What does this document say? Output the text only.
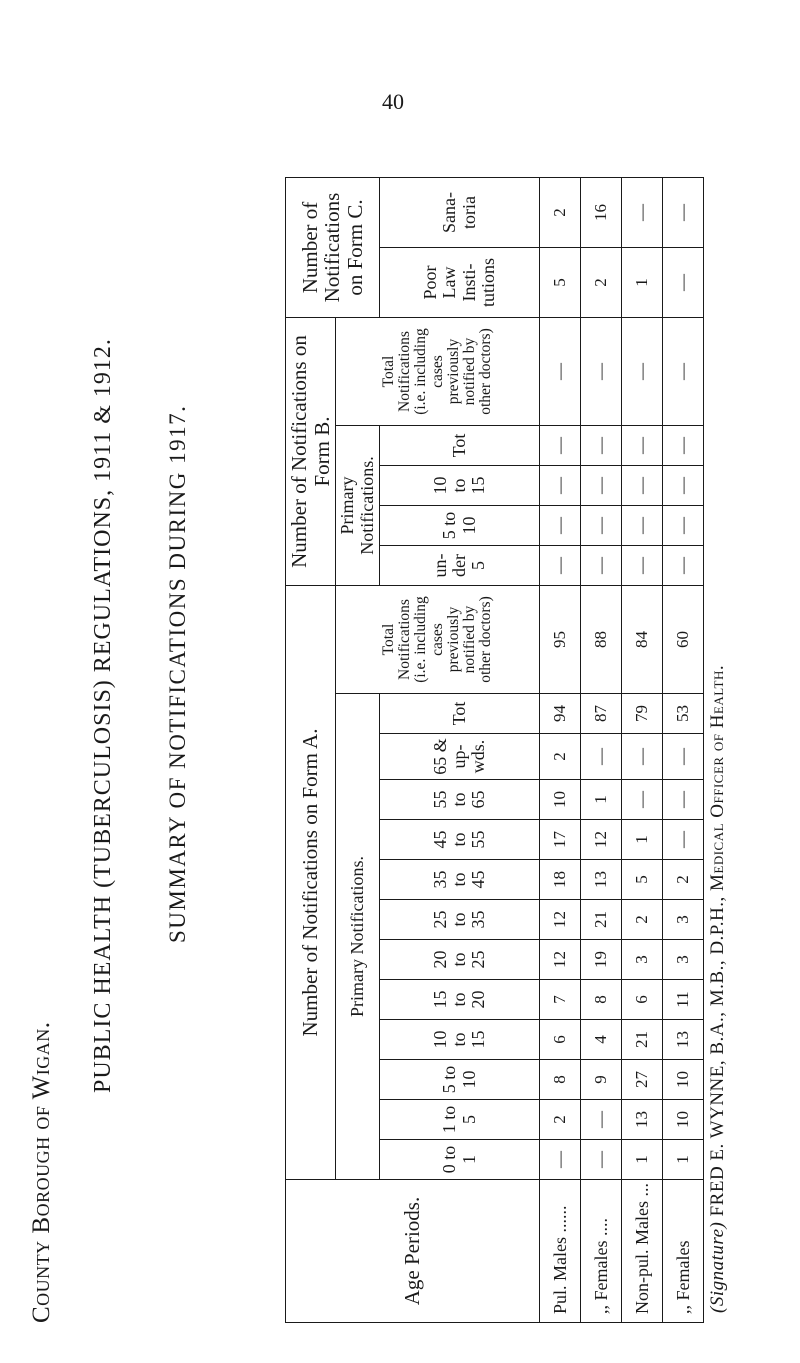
County Borough of Wigan.
PUBLIC HEALTH (TUBERCULOSIS) REGULATIONS, 1911 & 1912. SUMMARY OF NOTIFICATIONS DURING 1917.
Age Periods.	Number of Notifications on Form A.													Number of Notifications on Form B.					Number of Notifications on Form C.	
	Primary Notifications.												Total Notifications (i.e. including cases previously notified by other doctors)	Primary Notifications.				Total Notifications (i.e. including cases previously notified by other doctors)		
	0 to 1	1 to 5	5 to 10	10 to 15	15 to 20	20 to 25	25 to 35	35 to 45	45 to 55	55 to 65	65 & up-wds.	Tot		un-der 5	5 to 10	10 to 15	Tot		Poor Law Insti-tutions	Sana-toria
Pul. Males ......	—	2	8	6	7	12	12	18	17	10	2	94	95	—	—	—	—	—	5	2
,, Females ....	—	—	9	4	8	19	21	13	12	1	—	87	88	—	—	—	—	—	2	16
Non-pul. Males ...	1	13	27	21	6	3	2	5	1	—	—	79	84	—	—	—	—	—	1	—
,, Females	1	10	10	13	11	3	3	2	—	—	—	53	60	—	—	—	—	—	—	—
40
(Signature) FRED E. WYNNE, B.A., M.B., D.P.H., Medical Officer of Health.
